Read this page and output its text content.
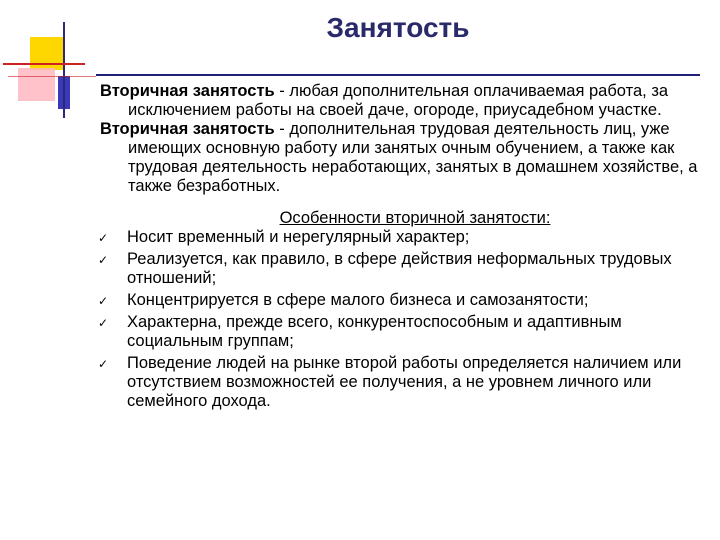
Занятость

Вторичная занятость - любая дополнительная оплачиваемая работа, за исключением работы на своей даче, огороде, приусадебном участке.

Вторичная занятость - дополнительная трудовая деятельность лиц, уже имеющих основную работу или занятых очным обучением, а также как трудовая деятельность неработающих, занятых в домашнем хозяйстве, а также безработных.

Особенности вторичной занятости:
✓ Носит временный и нерегулярный характер;
✓ Реализуется, как правило, в сфере действия неформальных трудовых отношений;
✓ Концентрируется в сфере малого бизнеса и самозанятости;
✓ Характерна, прежде всего, конкурентоспособным и адаптивным социальным группам;
✓ Поведение людей на рынке второй работы определяется наличием или отсутствием возможностей ее получения, а не уровнем личного или семейного дохода.
